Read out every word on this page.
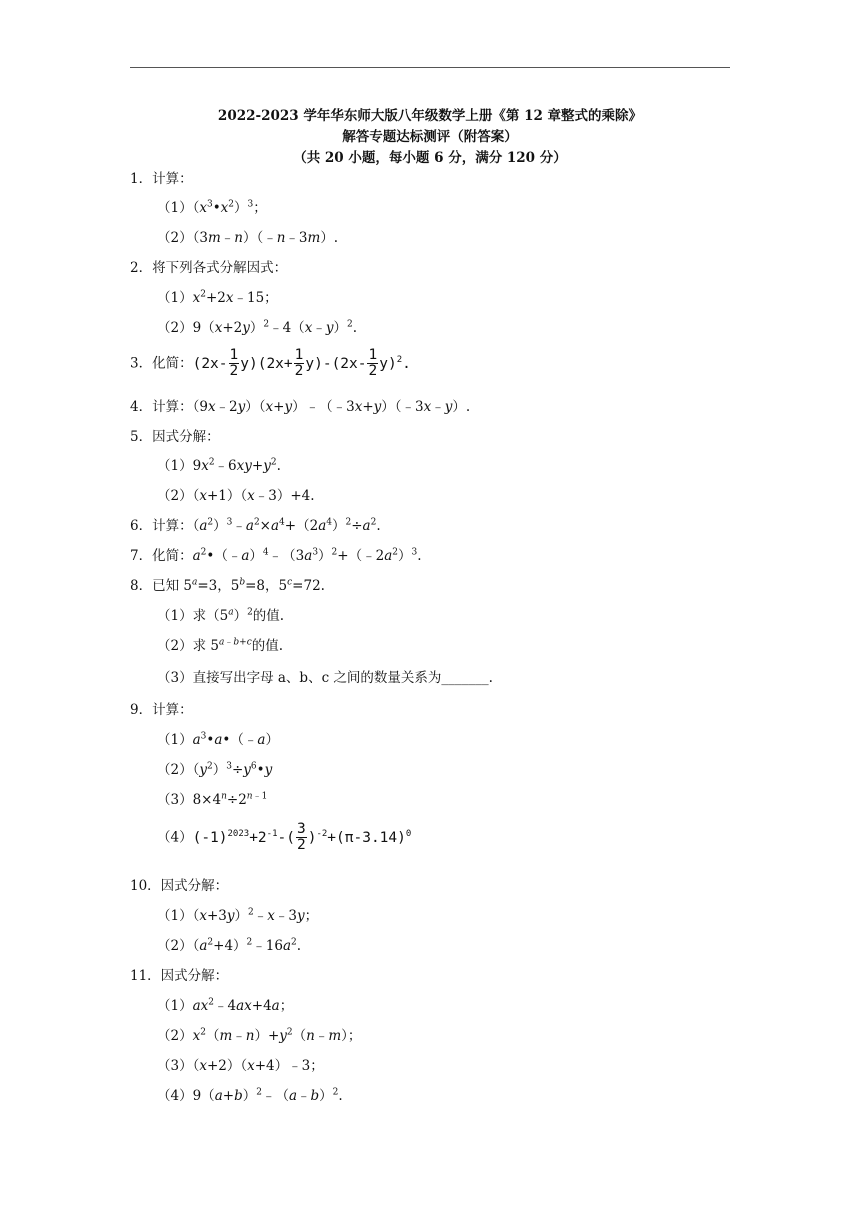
2022-2023 学年华东师大版八年级数学上册《第 12 章整式的乘除》
解答专题达标测评（附答案）
（共 20 小题，每小题 6 分，满分 120 分）
1．计算：
$(1)(x^3•x^2)^3$；
（2）（3m﹣n）（﹣n﹣3m）.
2．将下列各式分解因式：
$(1)x^2+2x﹣15$；
$(2)9(x+2y)^2﹣4(x﹣y)^2$.
3．化简：$(2x- \frac{1}{2} y)(2x+ \frac{1}{2} y)-(2x- \frac{1}{2} y)^2$.
4．计算：（9x﹣2y）（x+y）﹣（﹣3x+y）（﹣3x﹣y）.
5．因式分解：
$(1)9x^2﹣6xy+y^2$.
（2）（x+1）（x﹣3）+4.
6．计算：$(a^2)^3﹣a^2\times a^4+(2a^4)^2\div a^2$.
7．化简：$a^2•(﹣a)^4﹣(3a^3)^2+(﹣2a^2)^3$.
8．已知 $5^a=3$，$5^b=8$，$5^c=72$.
（1）求$(5^a)^2$的值.
（2）求 $5^{a﹣b+c}$的值.
（3）直接写出字母 a、b、c 之间的数量关系为_______.
9．计算：
$(1)a^3•a•(﹣a)$
$(2)(y^2)^3\div y^6•y$
$(3)8\times 4^n\div 2^{n﹣1}$
$(4)(-1)^{2023}+2^{-1}-( \frac{3}{2} )^{-2}+(\pi-3.14)^0$
10．因式分解：
$(1)(x+3y)^2﹣x﹣3y$；
$(2)(a^2+4)^2﹣16a^2$.
11．因式分解：
$(1)ax^2﹣4ax+4a$；
$(2)x^2(m﹣n)+y^2(n﹣m)$；
（3）（x+2）（x+4）﹣3；
$(4)9(a+b)^2﹣(a﹣b)^2$.
